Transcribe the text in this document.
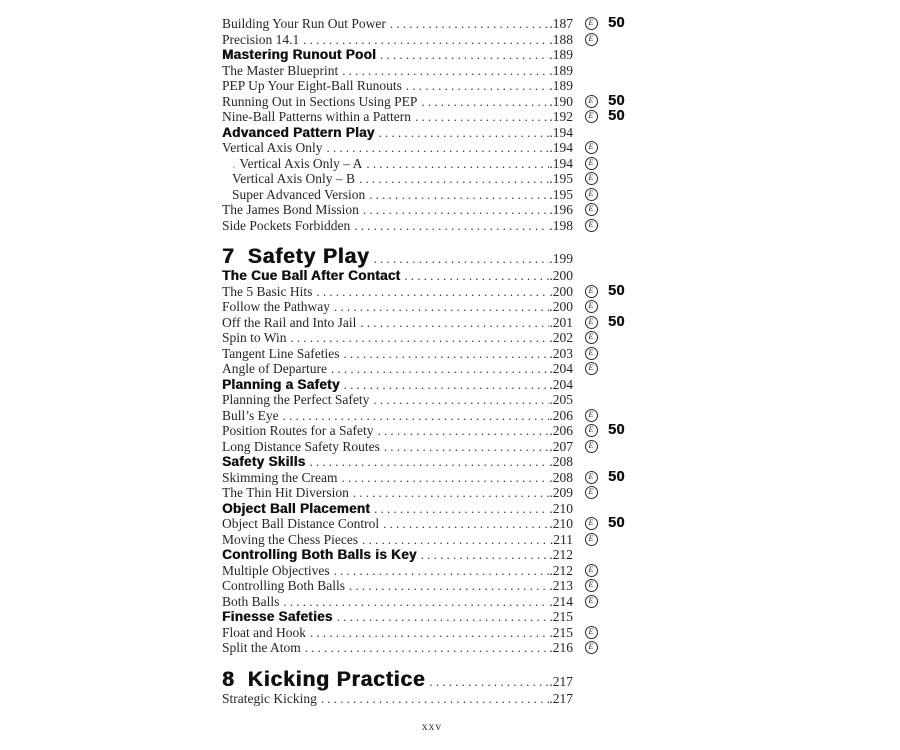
Building Your Run Out Power .....	. 187	E 50
Precision 14.1 .....	. 188	E
Mastering Runout Pool .....	. 189
The Master Blueprint .....	. 189
PEP Up Your Eight-Ball Runouts .....	. 189
Running Out in Sections Using PEP .....	. 190	E 50
Nine-Ball Patterns within a Pattern .....	. 192	E 50
Advanced Pattern Play .....	. 194
Vertical Axis Only .....	. 194	E
. Vertical Axis Only – A .....	. 194	E
Vertical Axis Only – B .....	. 195	E
Super Advanced Version .....	. 195	E
The James Bond Mission .....	. 196	E
Side Pockets Forbidden .....	. 198	E
7 Safety Play .....	. 199
The Cue Ball After Contact .....	. 200
The 5 Basic Hits .....	. 200	E 50
Follow the Pathway .....	. 200	E
Off the Rail and Into Jail .....	. 201	E 50
Spin to Win .....	. 202	E
Tangent Line Safeties .....	. 203	E
Angle of Departure .....	. 204	E
Planning a Safety .....	. 204
Planning the Perfect Safety .....	. 205
Bull’s Eye .....	. 206	E
Position Routes for a Safety .....	. 206	E 50
Long Distance Safety Routes .....	. 207	E
Safety Skills .....	. 208
Skimming the Cream .....	. 208	E 50
The Thin Hit Diversion .....	. 209	E
Object Ball Placement .....	. 210
Object Ball Distance Control .....	. 210	E 50
Moving the Chess Pieces .....	. 211	E
Controlling Both Balls is Key .....	. 212
Multiple Objectives .....	. 212	E
Controlling Both Balls .....	. 213	E
Both Balls .....	. 214	E
Finesse Safeties .....	. 215
Float and Hook .....	. 215	E
Split the Atom .....	. 216	E
8 Kicking Practice .....	. 217
Strategic Kicking .....	. 217
xxv
